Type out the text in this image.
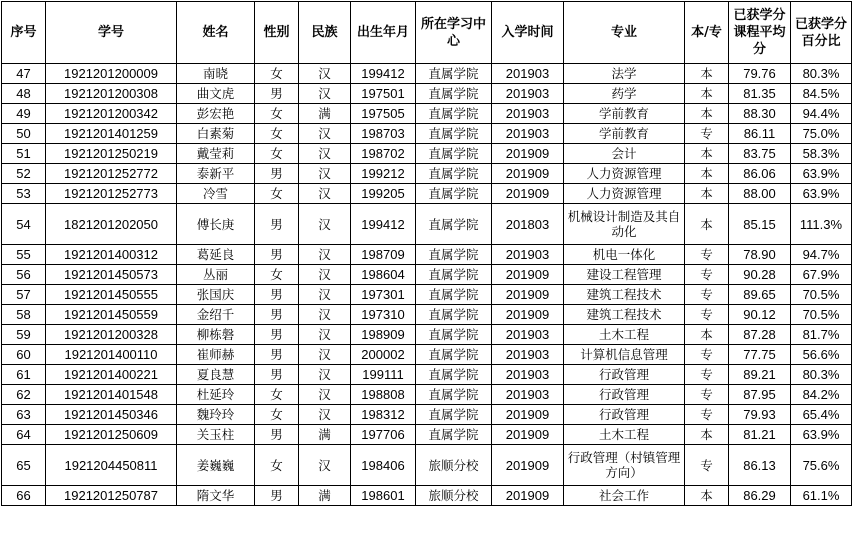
序号	学号	姓名	性别	民族	出生年月	所在学习中心	入学时间	专业	本/专	已获学分课程平均分	已获学分百分比
47	1921201200009	南晓	女	汉	199412	直属学院	201903	法学	本	79.76	80.3%
48	1921201200308	曲文虎	男	汉	197501	直属学院	201903	药学	本	81.35	84.5%
49	1921201200342	彭宏艳	女	满	197505	直属学院	201903	学前教育	本	88.30	94.4%
50	1921201401259	白素菊	女	汉	198703	直属学院	201903	学前教育	专	86.11	75.0%
51	1921201250219	戴莹莉	女	汉	198702	直属学院	201909	会计	本	83.75	58.3%
52	1921201252772	泰新平	男	汉	199212	直属学院	201909	人力资源管理	本	86.06	63.9%
53	1921201252773	冷雪	女	汉	199205	直属学院	201909	人力资源管理	本	88.00	63.9%
54	1821201202050	傅长庚	男	汉	199412	直属学院	201803	机械设计制造及其自动化	本	85.15	111.3%
55	1921201400312	葛延良	男	汉	198709	直属学院	201903	机电一体化	专	78.90	94.7%
56	1921201450573	丛丽	女	汉	198604	直属学院	201909	建设工程管理	专	90.28	67.9%
57	1921201450555	张国庆	男	汉	197301	直属学院	201909	建筑工程技术	专	89.65	70.5%
58	1921201450559	金绍千	男	汉	197310	直属学院	201909	建筑工程技术	专	90.12	70.5%
59	1921201200328	柳栋磐	男	汉	198909	直属学院	201903	土木工程	本	87.28	81.7%
60	1921201400110	崔师赫	男	汉	200002	直属学院	201903	计算机信息管理	专	77.75	56.6%
61	1921201400221	夏良慧	男	汉	199111	直属学院	201903	行政管理	专	89.21	80.3%
62	1921201401548	杜延玲	女	汉	198808	直属学院	201903	行政管理	专	87.95	84.2%
63	1921201450346	魏玲玲	女	汉	198312	直属学院	201909	行政管理	专	79.93	65.4%
64	1921201250609	关玉柱	男	满	197706	直属学院	201909	土木工程	本	81.21	63.9%
65	1921204450811	姜巍巍	女	汉	198406	旅顺分校	201909	行政管理（村镇管理方向）	专	86.13	75.6%
66	1921201250787	隋文华	男	满	198601	旅顺分校	201909	社会工作	本	86.29	61.1%
